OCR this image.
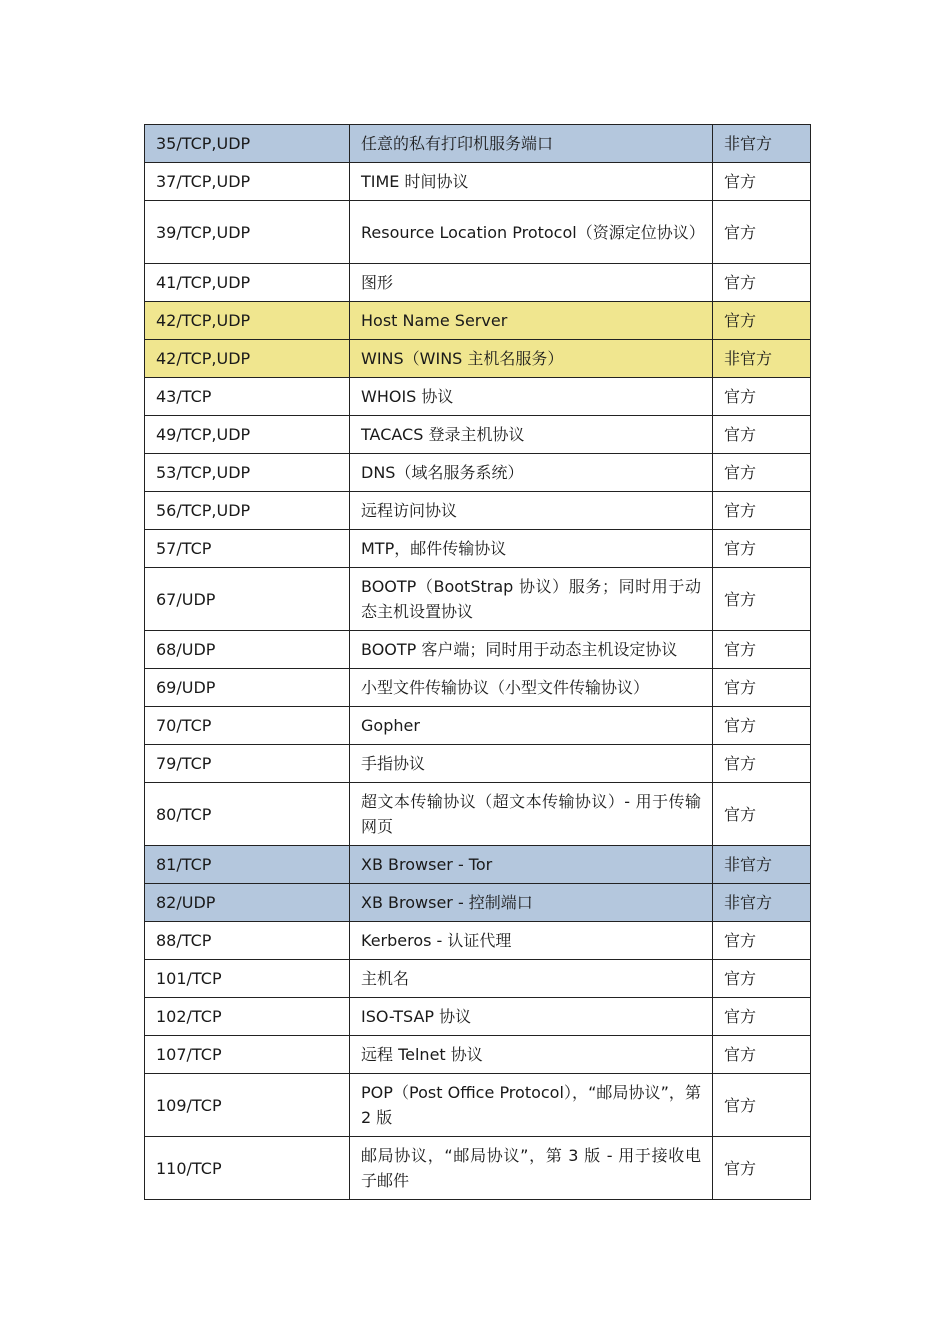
35/TCP,UDP	任意的私有打印机服务端口	非官方
37/TCP,UDP	TIME 时间协议	官方
39/TCP,UDP	Resource Location Protocol（资源定位协议）	官方
41/TCP,UDP	图形	官方
42/TCP,UDP	Host Name Server	官方
42/TCP,UDP	WINS（WINS 主机名服务）	非官方
43/TCP	WHOIS 协议	官方
49/TCP,UDP	TACACS 登录主机协议	官方
53/TCP,UDP	DNS（域名服务系统）	官方
56/TCP,UDP	远程访问协议	官方
57/TCP	MTP，邮件传输协议	官方
67/UDP	BOOTP（BootStrap 协议）服务；同时用于动态主机设置协议	官方
68/UDP	BOOTP 客户端；同时用于动态主机设定协议	官方
69/UDP	小型文件传输协议（小型文件传输协议）	官方
70/TCP	Gopher	官方
79/TCP	手指协议	官方
80/TCP	超文本传输协议（超文本传输协议）- 用于传输网页	官方
81/TCP	XB Browser - Tor	非官方
82/UDP	XB Browser - 控制端口	非官方
88/TCP	Kerberos - 认证代理	官方
101/TCP	主机名	官方
102/TCP	ISO-TSAP 协议	官方
107/TCP	远程 Telnet 协议	官方
109/TCP	POP（Post Office Protocol），“邮局协议”，第 2 版	官方
110/TCP	邮局协议，“邮局协议”，第 3 版 - 用于接收电子邮件	官方
